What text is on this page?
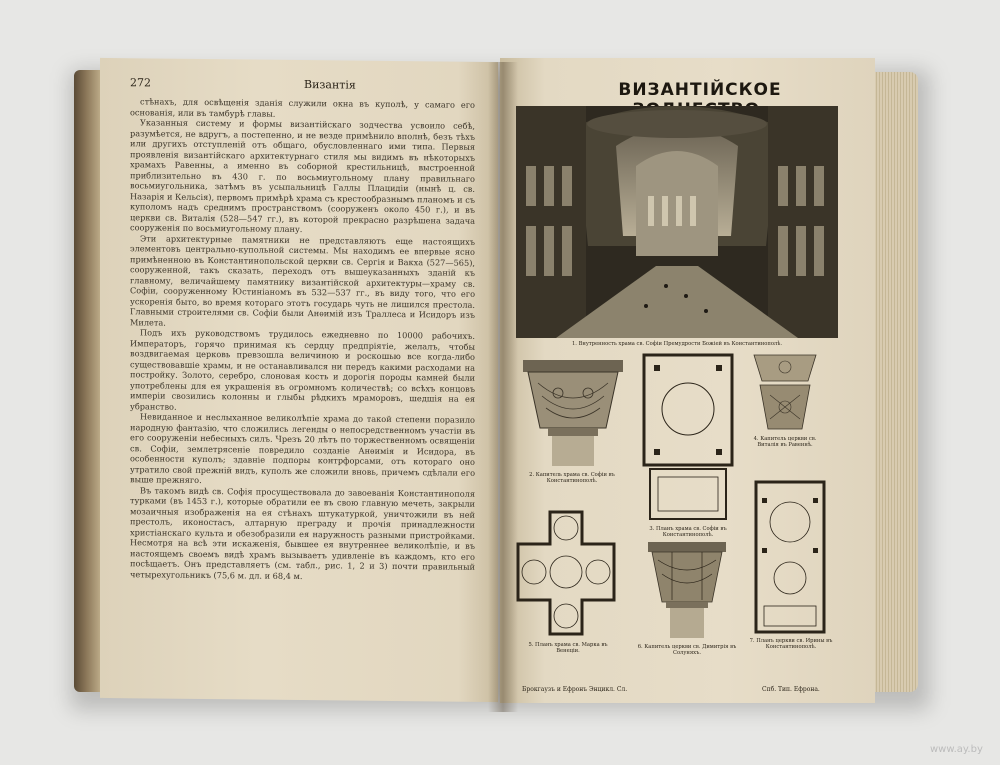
272	Византія

стѣнахъ, для освѣщенія зданія служили окна въ куполѣ, у самаго его основанія, или въ тамбурѣ главы.

Указанныя систему и формы византійскаго зодчества усвоило себѣ, разумѣется, не вдругъ, а постепенно, и не везде примѣнило вполнѣ, безъ тѣхъ или другихъ отступленій отъ общаго, обусловленнаго ими типа. Первыя проявленія византійскаго архитектурнаго стиля мы видимъ въ нѣкоторыхъ храмахъ Равенны, а именно въ соборной крестильницѣ, выстроенной приблизительно въ 430 г. по восьмиугольному плану правильнаго восьмиугольника, затѣмъ въ усыпальницѣ Галлы Плацидіи (нынѣ ц. св. Назарія и Кельсія), первомъ примѣрѣ храма съ крестообразнымъ планомъ и съ куполомъ надъ среднимъ пространствомъ (сооруженъ около 450 г.), и въ церкви св. Виталія (528—547 гг.), въ которой прекрасно разрѣшена задача сооруженія по восьмиугольному плану.

Эти архитектурные памятники не представляютъ еще настоящихъ элементовъ центрально-купольной системы. Мы находимъ ее впервые ясно примѣненною въ Константинопольской церкви св. Сергія и Вакха (527—565), сооруженной, такъ сказать, переходъ отъ вышеуказанныхъ зданій къ главному, величайшему памятнику византійской архитектуры—храму св. Софіи, сооруженному Юстиніаномъ въ 532—537 гг., въ виду того, что его ускоренія быто, во время котораго этотъ государь чуть не лишился престола. Главными строителями св. Софіи были Анѳимій изъ Траллеса и Исидоръ изъ Милета.

Подъ ихъ руководствомъ трудилось ежедневно по 10000 рабочихъ. Императоръ, горячо принимая къ сердцу предпріятіе, желалъ, чтобы воздвигаемая церковь превзошла величиною и роскошью все когда-либо существовавшіе храмы, и не останавливался ни передъ какими расходами на постройку. Золото, серебро, слоновая кость и дорогія породы камней были употреблены для ея украшенія въ огромномъ количествѣ; со всѣхъ концовъ имперіи свозились колонны и глыбы рѣдкихъ мраморовъ, шедшія на ея убранство.

Невиданное и неслыханное великолѣпіе храма до такой степени поразило народную фантазію, что сложились легенды о непосредственномъ участіи въ его сооруженіи небесныхъ силъ. Чрезъ 20 лѣтъ по торжественномъ освященіи св. Софіи, землетрясеніе повредило созданіе Анѳимія и Исидора, въ особенности куполъ; здавніе подпоры контрфорсами, отъ котораго оно утратило свой прежній видъ, куполъ же сложили вновь, причемъ сдѣлали его выше прежняго.

Въ такомъ видѣ св. Софія просуществовала до завоеванія Константинополя турками (въ 1453 г.), которые обратили ее въ свою главную мечеть, закрыли мозаичныя изображенія на ея стѣнахъ штукатуркой, уничтожили въ ней престолъ, иконостасъ, алтарную преграду и прочія принадлежности христіанскаго культа и обезобразили ея наружность разными пристройками. Несмотря на всѣ эти искаженія, бывшее ея внутреннее великолѣпіе, и въ настоящемъ своемъ видѣ храмъ вызываетъ удивленіе въ каждомъ, кто его посѣщаетъ. Онъ представляетъ (см. табл., рис. 1, 2 и 3) почти правильный четырехугольникъ (75,6 м. дл. и 68,4 м.

ВИЗАНТІЙСКОЕ
1. Внутренность храма св. Софіи Премудрости Божіей въ Константинополѣ.
2. Капитель храма св. Софіи въ Константинополѣ.
3. Планъ храма св. Софіи въ Константинополѣ.
4. Капитель церкви св. Виталія въ Равеннѣ.
5. Планъ храма св. Марка въ Венеціи.
6. Капитель церкви св. Димитрія въ Солуняхъ.
7. Планъ церкви св. Ирины въ Константинополѣ.
Брокгаузъ и Ефронъ Энцикл. Сл.	Спб. Тип. Ефрона.
www.ay.by
